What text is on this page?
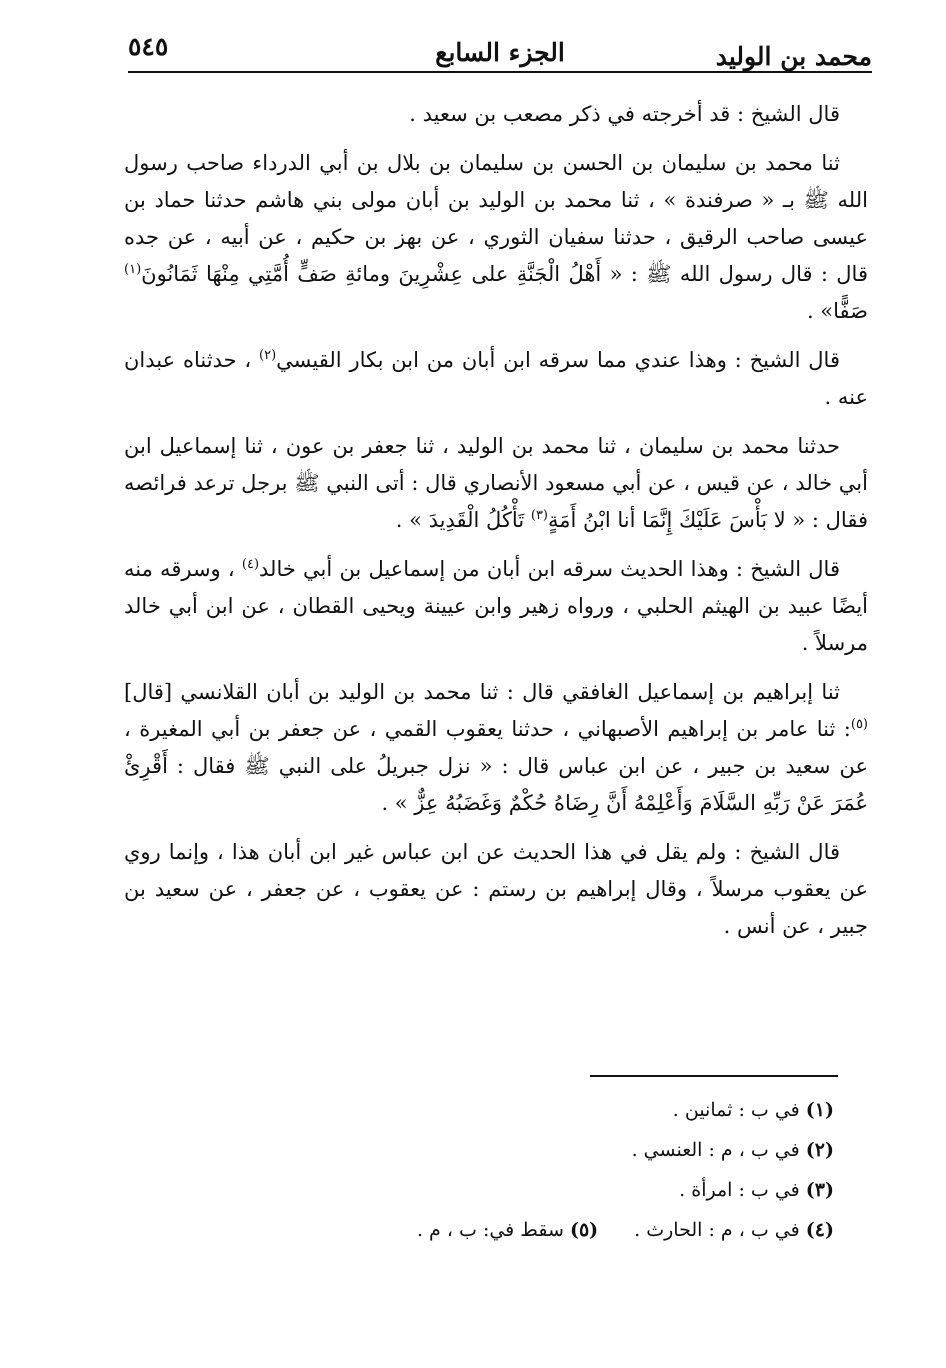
محمد بن الوليد
الجزء السابع
٥٤٥

قال الشيخ : قد أخرجته في ذكر مصعب بن سعيد .

ثنا محمد بن سليمان بن الحسن بن سليمان بن بلال بن أبي الدرداء صاحب رسول الله ﷺ بـ « صرفندة » ، ثنا محمد بن الوليد بن أبان مولى بني هاشم حدثنا حماد بن عيسى صاحب الرقيق ، حدثنا سفيان الثوري ، عن بهز بن حكيم ، عن أبيه ، عن جده قال : قال رسول الله ﷺ : « أَهْلُ الْجَنَّةِ على عِشْرِينَ ومائةِ صَفٍّ أُمَّتِي مِنْهَا ثَمَانُونَ$^{(١)}$ صَفًّا» .

قال الشيخ : وهذا عندي مما سرقه ابن أبان من ابن بكار القيسي$^{(٢)}$ ، حدثناه عبدان عنه .

حدثنا محمد بن سليمان ، ثنا محمد بن الوليد ، ثنا جعفر بن عون ، ثنا إسماعيل ابن أبي خالد ، عن قيس ، عن أبي مسعود الأنصاري قال : أتى النبي ﷺ برجل ترعد فرائصه فقال : « لا بَأْسَ عَلَيْكَ إِنَّمَا أنا ابْنُ أَمَةٍ$^{(٣)}$ تَأْكُلُ الْقَدِيدَ » .

قال الشيخ : وهذا الحديث سرقه ابن أبان من إسماعيل بن أبي خالد$^{(٤)}$ ، وسرقه منه أيضًا عبيد بن الهيثم الحلبي ، ورواه زهير وابن عيينة ويحيى القطان ، عن ابن أبي خالد مرسلاً .

ثنا إبراهيم بن إسماعيل الغافقي قال : ثنا محمد بن الوليد بن أبان القلانسي [قال]$^{(٥)}$: ثنا عامر بن إبراهيم الأصبهاني ، حدثنا يعقوب القمي ، عن جعفر بن أبي المغيرة ، عن سعيد بن جبير ، عن ابن عباس قال : « نزل جبريلُ على النبي ﷺ فقال : أَقْرِئْ عُمَرَ عَنْ رَبِّهِ السَّلَامَ وَأَعْلِمْهُ أَنَّ رِضَاهُ حُكْمٌ وَغَضَبُهُ عِزٌّ » .

قال الشيخ : ولم يقل في هذا الحديث عن ابن عباس غير ابن أبان هذا ، وإنما روي عن يعقوب مرسلاً ، وقال إبراهيم بن رستم : عن يعقوب ، عن جعفر ، عن سعيد بن جبير ، عن أنس .

(١) في ب : ثمانين .

(٢) في ب ، م : العنسي .

(٣) في ب : امرأة .

(٤) في ب ، م : الحارث .(٥) سقط في: ب ، م .
